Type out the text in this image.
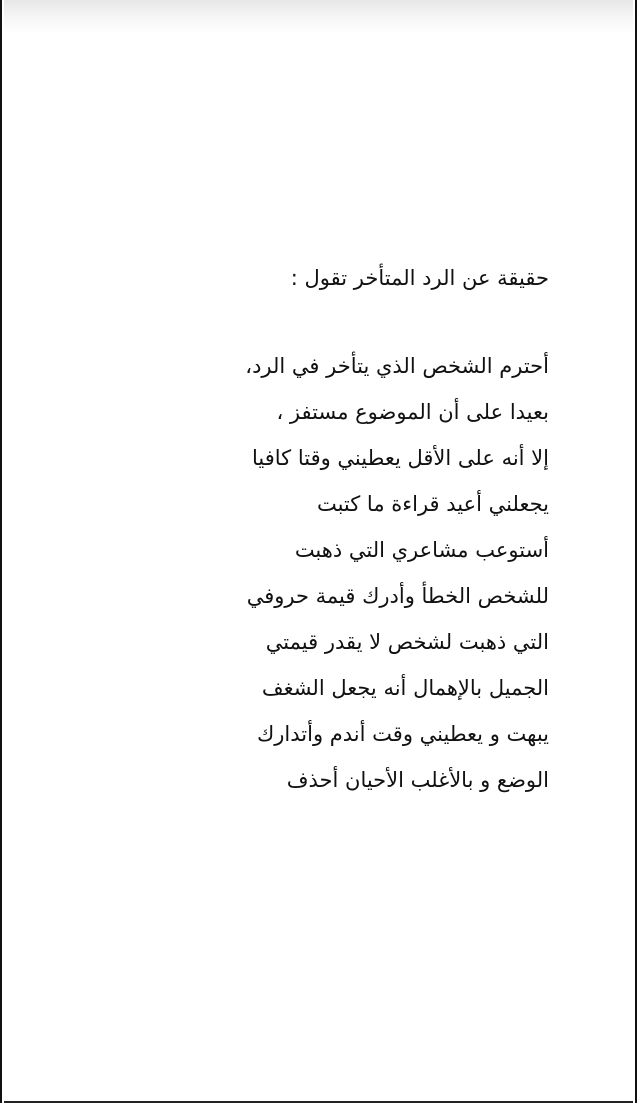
حقيقة عن الرد المتأخر تقول :

أحترم الشخص الذي يتأخر في الرد،

بعيدا على أن الموضوع مستفز ،

إلا أنه على الأقل يعطيني وقتا كافيا

يجعلني أعيد قراءة ما كتبت

أستوعب مشاعري التي ذهبت

للشخص الخطأ وأدرك قيمة حروفي

التي ذهبت لشخص لا يقدر قيمتي

الجميل بالإهمال أنه يجعل الشغف

يبهت و يعطيني وقت أندم وأتدارك

الوضع و بالأغلب الأحيان أحذف
